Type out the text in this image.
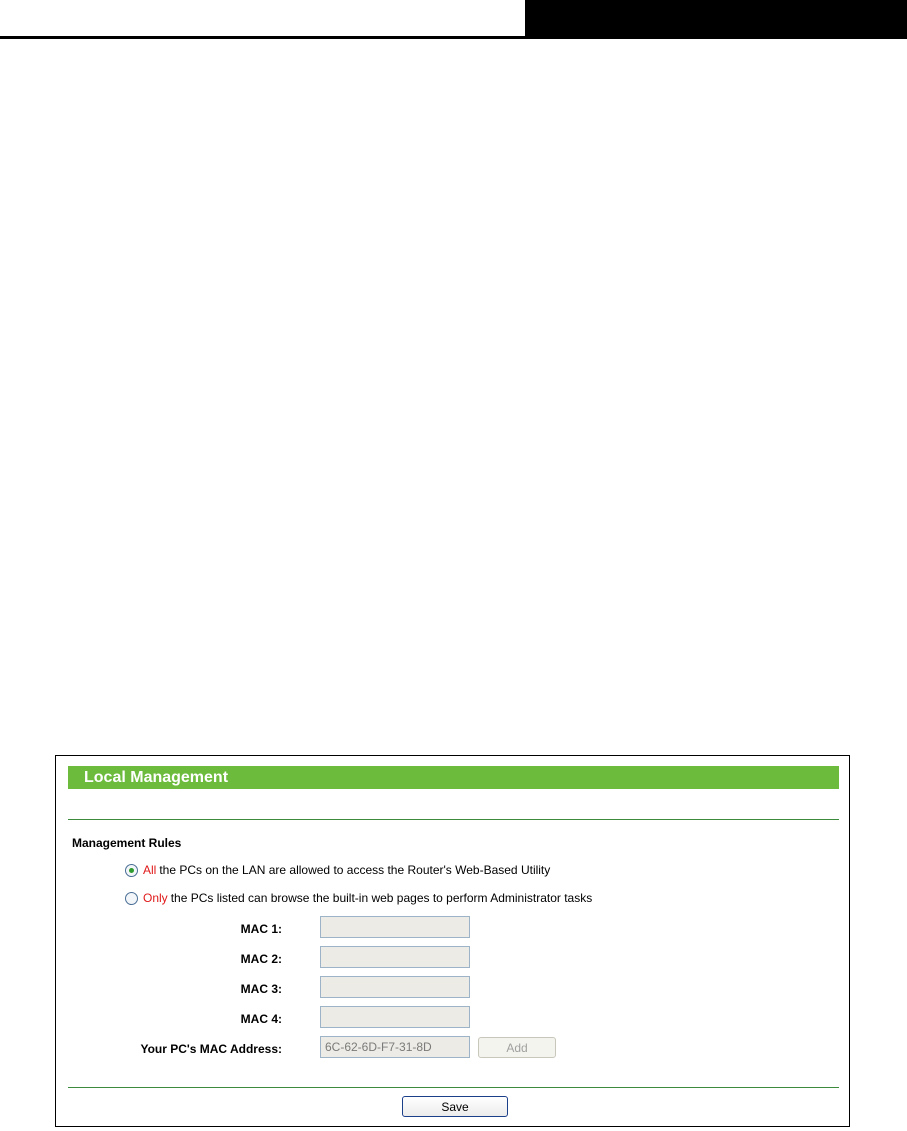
Local Management
Management Rules
All the PCs on the LAN are allowed to access the Router's Web-Based Utility
Only the PCs listed can browse the built-in web pages to perform Administrator tasks
MAC 1:
MAC 2:
MAC 3:
MAC 4:
Your PC's MAC Address:
6C-62-6D-F7-31-8D	Add
Save
